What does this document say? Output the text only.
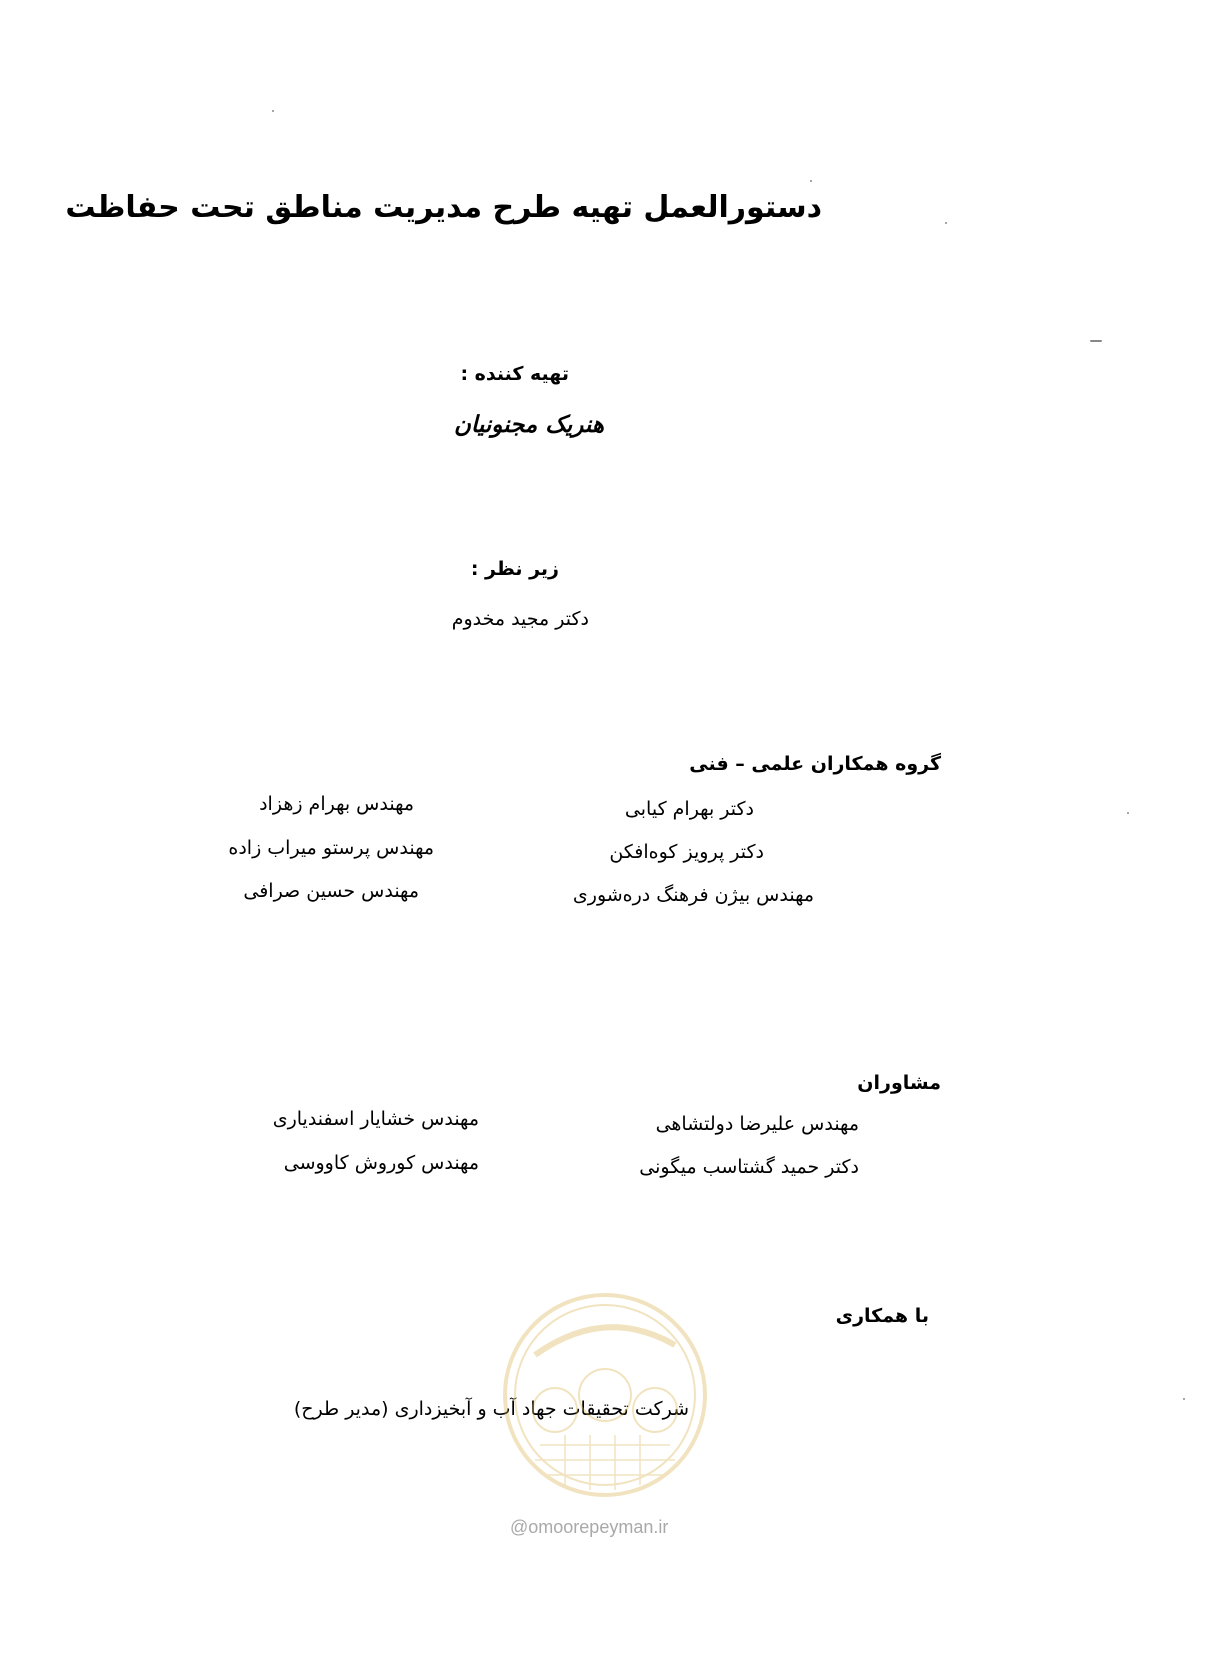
دستورالعمل تهیه طرح مدیریت مناطق تحت حفاظت
تهیه کننده :
هنریک مجنونیان
زیر نظر :
دکتر مجید مخدوم
گروه همکاران علمی – فنی
دکتر بهرام کیابی
دکتر پرویز کوه‌افکن
مهندس بیژن فرهنگ دره‌شوری
مهندس بهرام زهزاد
مهندس پرستو میراب زاده
مهندس حسین صرافی
مشاوران
مهندس علیرضا دولتشاهی
دکتر حمید گشتاسب میگونی
مهندس خشایار اسفندیاری
مهندس کوروش کاووسی
با همکاری
شرکت تحقیقات جهاد آب و آبخیزداری (مدیر طرح)
@omoorepeyman.ir
